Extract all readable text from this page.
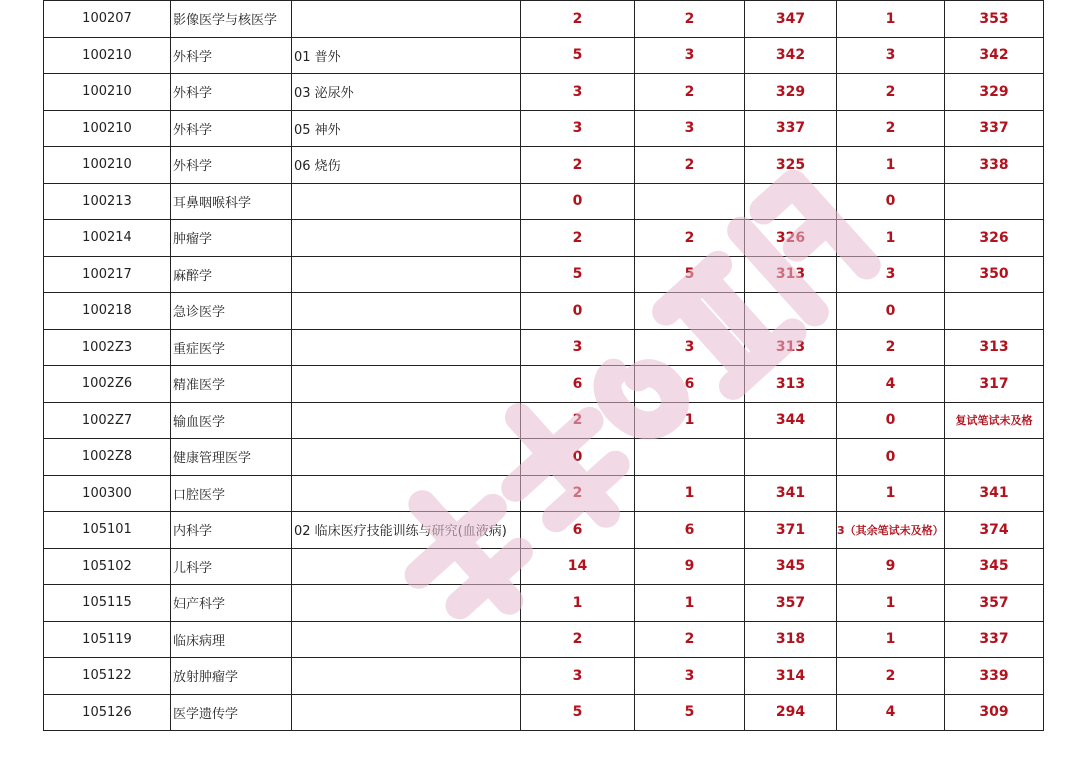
100207	影像医学与核医学		2	2	347	1	353
100210	外科学	01 普外	5	3	342	3	342
100210	外科学	03 泌尿外	3	2	329	2	329
100210	外科学	05 神外	3	3	337	2	337
100210	外科学	06 烧伤	2	2	325	1	338
100213	耳鼻咽喉科学		0			0	
100214	肿瘤学		2	2	326	1	326
100217	麻醉学		5	5	313	3	350
100218	急诊医学		0			0	
1002Z3	重症医学		3	3	313	2	313
1002Z6	精准医学		6	6	313	4	317
1002Z7	输血医学		2	1	344	0	复试笔试未及格
1002Z8	健康管理医学		0			0	
100300	口腔医学		2	1	341	1	341
105101	内科学	02 临床医疗技能训练与研究(血液病)	6	6	371	3（其余笔试未及格）	374
105102	儿科学		14	9	345	9	345
105115	妇产科学		1	1	357	1	357
105119	临床病理		2	2	318	1	337
105122	放射肿瘤学		3	3	314	2	339
105126	医学遗传学		5	5	294	4	309
